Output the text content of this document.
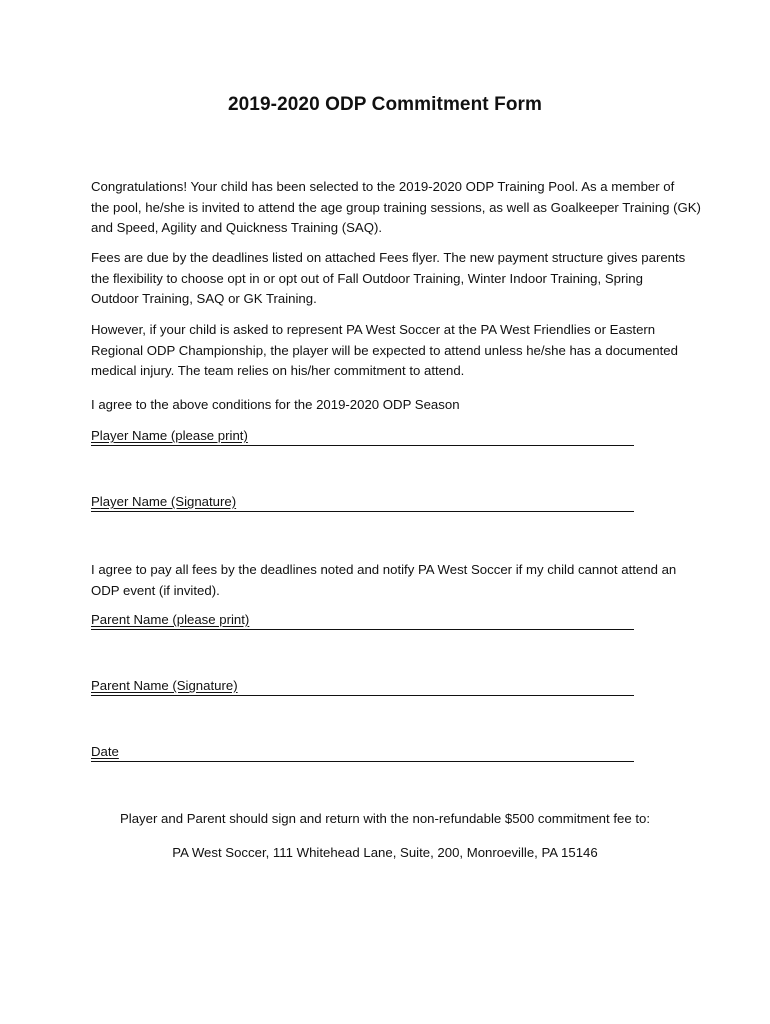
2019-2020 ODP Commitment Form
Congratulations! Your child has been selected to the 2019-2020 ODP Training Pool. As a member of
the pool, he/she is invited to attend the age group training sessions, as well as Goalkeeper Training (GK)
and Speed, Agility and Quickness Training (SAQ).
Fees are due by the deadlines listed on attached Fees flyer. The new payment structure gives parents
the flexibility to choose opt in or opt out of Fall Outdoor Training, Winter Indoor Training, Spring
Outdoor Training, SAQ or GK Training.
However, if your child is asked to represent PA West Soccer at the PA West Friendlies or Eastern
Regional ODP Championship, the player will be expected to attend unless he/she has a documented
medical injury. The team relies on his/her commitment to attend.
I agree to the above conditions for the 2019-2020 ODP Season
Player Name (please print)
Player Name (Signature)
I agree to pay all fees by the deadlines noted and notify PA West Soccer if my child cannot attend an
ODP event (if invited).
Parent Name (please print)
Parent Name (Signature)
Date
Player and Parent should sign and return with the non-refundable $500 commitment fee to:
PA West Soccer, 111 Whitehead Lane, Suite, 200, Monroeville, PA 15146
